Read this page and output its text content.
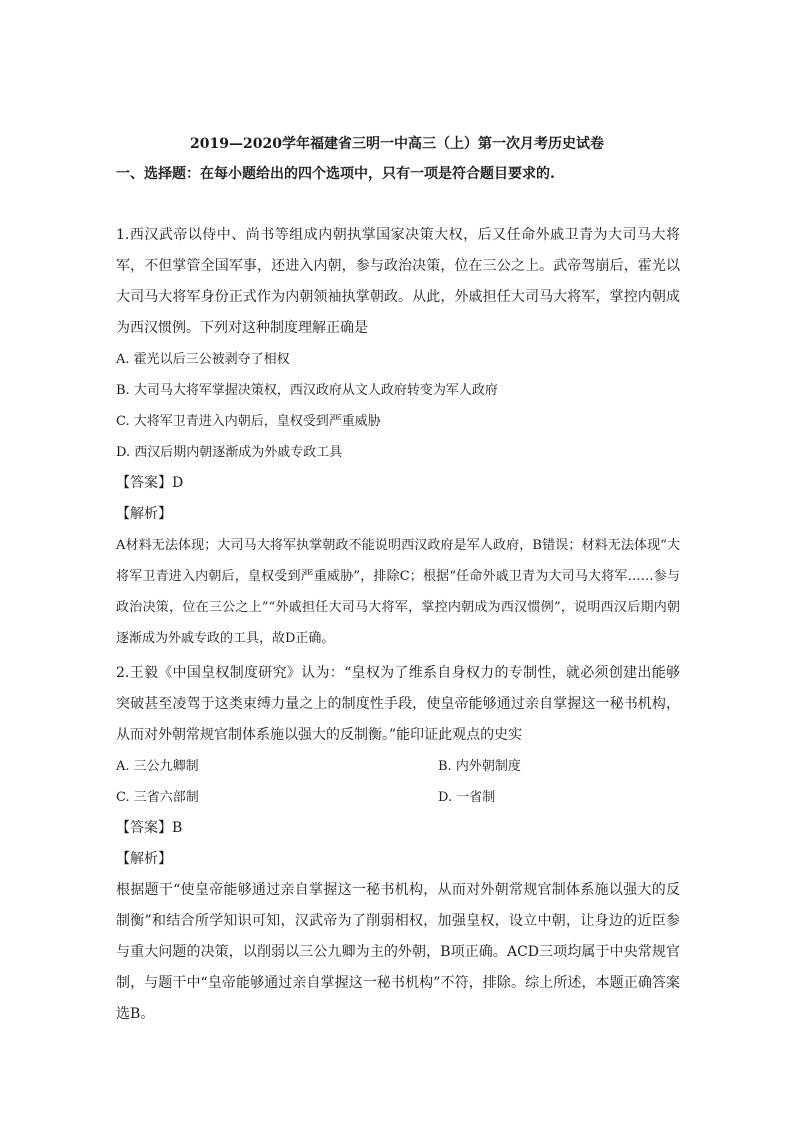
2019—2020学年福建省三明一中高三（上）第一次月考历史试卷
一、选择题：在每小题给出的四个选项中，只有一项是符合题目要求的.
1.西汉武帝以侍中、尚书等组成内朝执掌国家决策大权，后又任命外戚卫青为大司马大将军，不但掌管全国军事，还进入内朝，参与政治决策，位在三公之上。武帝驾崩后，霍光以大司马大将军身份正式作为内朝领袖执掌朝政。从此，外戚担任大司马大将军，掌控内朝成为西汉惯例。下列对这种制度理解正确是
A. 霍光以后三公被剥夺了相权
B. 大司马大将军掌握决策权，西汉政府从文人政府转变为军人政府
C. 大将军卫青进入内朝后，皇权受到严重威胁
D. 西汉后期内朝逐渐成为外戚专政工具
【答案】D
【解析】
A材料无法体现；大司马大将军执掌朝政不能说明西汉政府是军人政府，B错误；材料无法体现“大将军卫青进入内朝后，皇权受到严重威胁”，排除C；根据“任命外戚卫青为大司马大将军……参与政治决策，位在三公之上”“外戚担任大司马大将军，掌控内朝成为西汉惯例”，说明西汉后期内朝逐渐成为外戚专政的工具，故D正确。
2.王毅《中国皇权制度研究》认为：“皇权为了维系自身权力的专制性，就必须创建出能够突破甚至凌驾于这类束缚力量之上的制度性手段，使皇帝能够通过亲自掌握这一秘书机构，从而对外朝常规官制体系施以强大的反制衡。”能印证此观点的史实
A. 三公九卿制	B. 内外朝制度
C. 三省六部制	D. 一省制
【答案】B
【解析】
根据题干“使皇帝能够通过亲自掌握这一秘书机构，从而对外朝常规官制体系施以强大的反制衡”和结合所学知识可知，汉武帝为了削弱相权，加强皇权，设立中朝，让身边的近臣参与重大问题的决策，以削弱以三公九卿为主的外朝，B项正确。ACD三项均属于中央常规官制，与题干中“皇帝能够通过亲自掌握这一秘书机构”不符，排除。综上所述，本题正确答案选B。
